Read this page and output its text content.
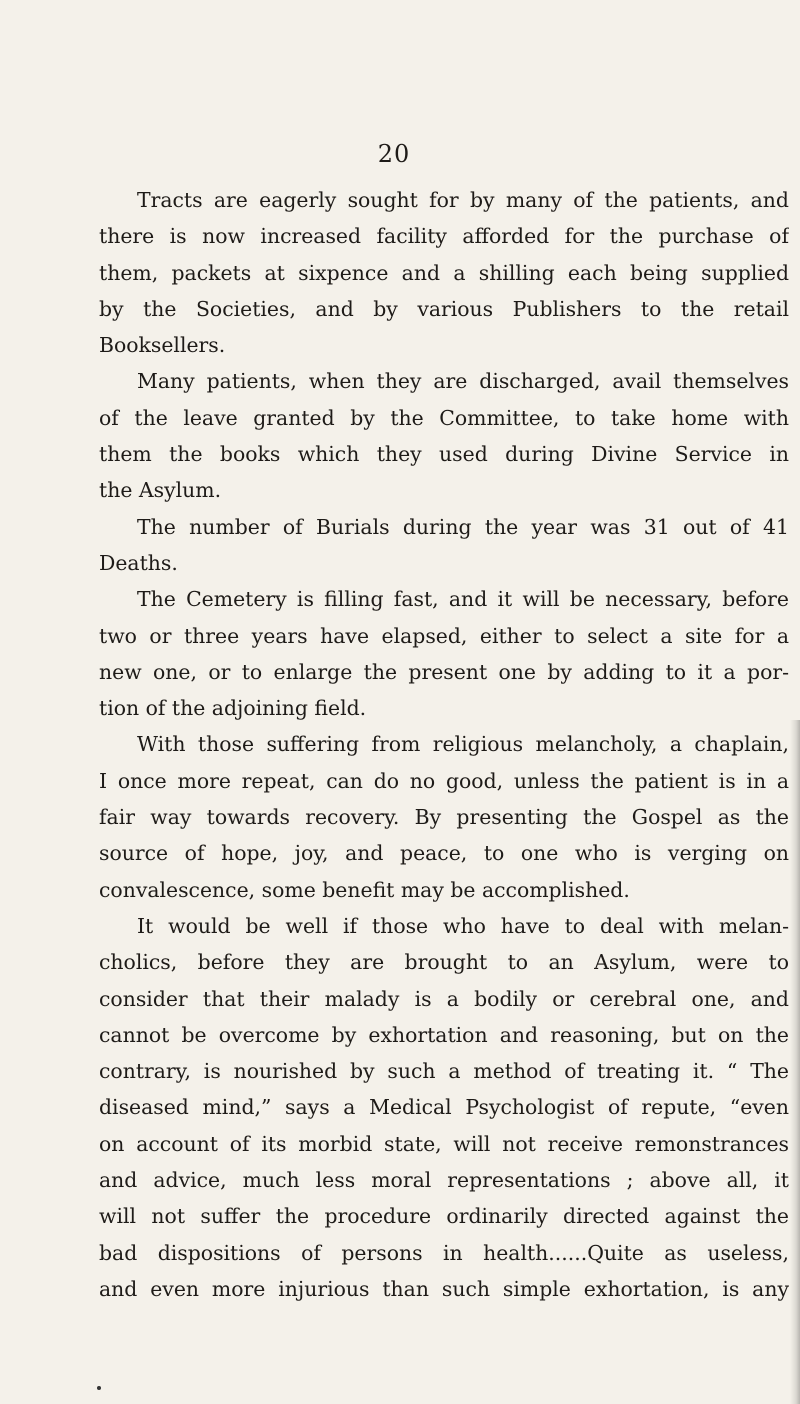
20
Tracts are eagerly sought for by many of the patients, and
there is now increased facility afforded for the purchase of
them, packets at sixpence and a shilling each being supplied
by the Societies, and by various Publishers to the retail
Booksellers.
Many patients, when they are discharged, avail themselves
of the leave granted by the Committee, to take home with
them the books which they used during Divine Service in
the Asylum.
The number of Burials during the year was 31 out of 41
Deaths.
The Cemetery is filling fast, and it will be necessary, before
two or three years have elapsed, either to select a site for a
new one, or to enlarge the present one by adding to it a por-
tion of the adjoining field.
With those suffering from religious melancholy, a chaplain,
I once more repeat, can do no good, unless the patient is in a
fair way towards recovery. By presenting the Gospel as the
source of hope, joy, and peace, to one who is verging on
convalescence, some benefit may be accomplished.
It would be well if those who have to deal with melan-
cholics, before they are brought to an Asylum, were to
consider that their malady is a bodily or cerebral one, and
cannot be overcome by exhortation and reasoning, but on the
contrary, is nourished by such a method of treating it. “ The
diseased mind,” says a Medical Psychologist of repute, “even
on account of its morbid state, will not receive remonstrances
and advice, much less moral representations ; above all, it
will not suffer the procedure ordinarily directed against the
bad dispositions of persons in health......Quite as useless,
and even more injurious than such simple exhortation, is any
